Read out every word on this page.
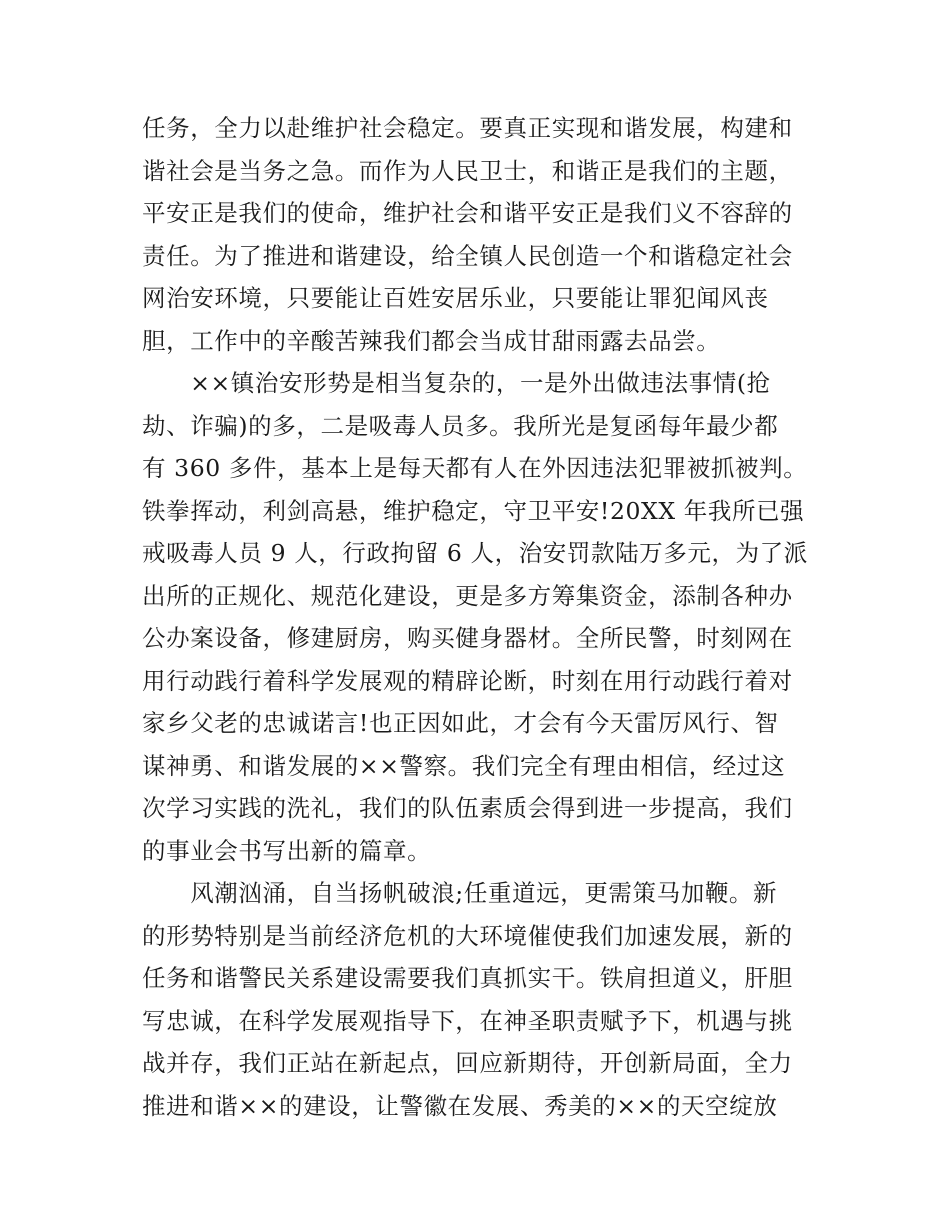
任务，全力以赴维护社会稳定。要真正实现和谐发展，构建和
谐社会是当务之急。而作为人民卫士，和谐正是我们的主题，
平安正是我们的使命，维护社会和谐平安正是我们义不容辞的
责任。为了推进和谐建设，给全镇人民创造一个和谐稳定社会
网治安环境，只要能让百姓安居乐业，只要能让罪犯闻风丧
胆，工作中的辛酸苦辣我们都会当成甘甜雨露去品尝。
　　××镇治安形势是相当复杂的，一是外出做违法事情(抢
劫、诈骗)的多，二是吸毒人员多。我所光是复函每年最少都
有 360 多件，基本上是每天都有人在外因违法犯罪被抓被判。
铁拳挥动，利剑高悬，维护稳定，守卫平安!20XX 年我所已强
戒吸毒人员 9 人，行政拘留 6 人，治安罚款陆万多元，为了派
出所的正规化、规范化建设，更是多方筹集资金，添制各种办
公办案设备，修建厨房，购买健身器材。全所民警，时刻网在
用行动践行着科学发展观的精辟论断，时刻在用行动践行着对
家乡父老的忠诚诺言!也正因如此，才会有今天雷厉风行、智
谋神勇、和谐发展的××警察。我们完全有理由相信，经过这
次学习实践的洗礼，我们的队伍素质会得到进一步提高，我们
的事业会书写出新的篇章。
　　风潮汹涌，自当扬帆破浪;任重道远，更需策马加鞭。新
的形势特别是当前经济危机的大环境催使我们加速发展，新的
任务和谐警民关系建设需要我们真抓实干。铁肩担道义，肝胆
写忠诚，在科学发展观指导下，在神圣职责赋予下，机遇与挑
战并存，我们正站在新起点，回应新期待，开创新局面，全力
推进和谐××的建设，让警徽在发展、秀美的××的天空绽放
